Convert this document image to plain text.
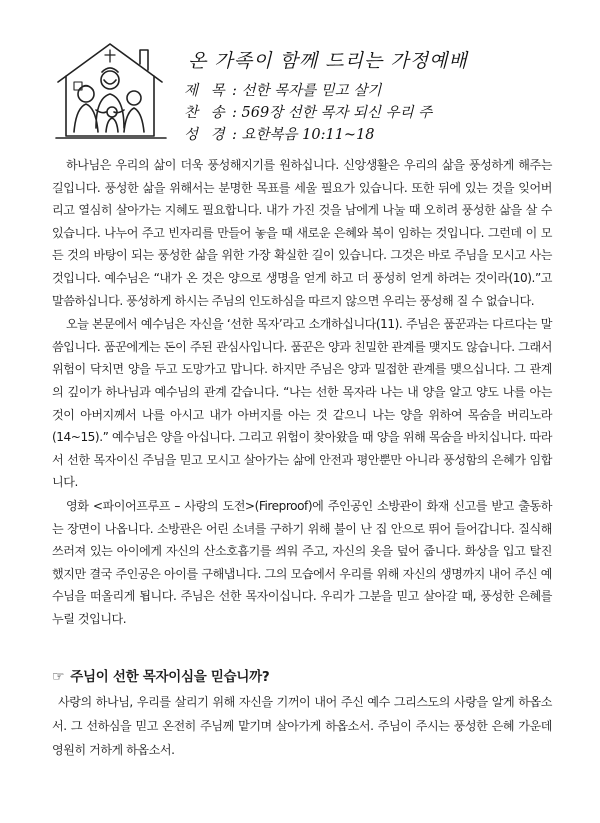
온 가족이 함께 드리는 가정예배
제 목 : 선한 목자를 믿고 살기
찬 송 : 569장 선한 목자 되신 우리 주
성 경 : 요한복음 10:11~18

하나님은 우리의 삶이 더욱 풍성해지기를 원하십니다. 신앙생활은 우리의 삶을 풍성하게 해주는 길입니다. 풍성한 삶을 위해서는 분명한 목표를 세울 필요가 있습니다. 또한 뒤에 있는 것을 잊어버리고 열심히 살아가는 지혜도 필요합니다. 내가 가진 것을 남에게 나눌 때 오히려 풍성한 삶을 살 수 있습니다. 나누어 주고 빈자리를 만들어 놓을 때 새로운 은혜와 복이 임하는 것입니다. 그런데 이 모든 것의 바탕이 되는 풍성한 삶을 위한 가장 확실한 길이 있습니다. 그것은 바로 주님을 모시고 사는 것입니다. 예수님은 “내가 온 것은 양으로 생명을 얻게 하고 더 풍성히 얻게 하려는 것이라(10).”고 말씀하십니다. 풍성하게 하시는 주님의 인도하심을 따르지 않으면 우리는 풍성해 질 수 없습니다.

오늘 본문에서 예수님은 자신을 ‘선한 목자’라고 소개하십니다(11). 주님은 품꾼과는 다르다는 말씀입니다. 품꾼에게는 돈이 주된 관심사입니다. 품꾼은 양과 친밀한 관계를 맺지도 않습니다. 그래서 위험이 닥치면 양을 두고 도망가고 맙니다. 하지만 주님은 양과 밀접한 관계를 맺으십니다. 그 관계의 깊이가 하나님과 예수님의 관계 같습니다. “나는 선한 목자라 나는 내 양을 알고 양도 나를 아는 것이 아버지께서 나를 아시고 내가 아버지를 아는 것 같으니 나는 양을 위하여 목숨을 버리노라(14~15).” 예수님은 양을 아십니다. 그리고 위험이 찾아왔을 때 양을 위해 목숨을 바치십니다. 따라서 선한 목자이신 주님을 믿고 모시고 살아가는 삶에 안전과 평안뿐만 아니라 풍성함의 은혜가 임합니다.

영화 <파이어프루프 – 사랑의 도전>(Fireproof)에 주인공인 소방관이 화재 신고를 받고 출동하는 장면이 나옵니다. 소방관은 어린 소녀를 구하기 위해 불이 난 집 안으로 뛰어 들어갑니다. 질식해 쓰러져 있는 아이에게 자신의 산소호흡기를 씌워 주고, 자신의 옷을 덮어 줍니다. 화상을 입고 탈진했지만 결국 주인공은 아이를 구해냅니다. 그의 모습에서 우리를 위해 자신의 생명까지 내어 주신 예수님을 떠올리게 됩니다. 주님은 선한 목자이십니다. 우리가 그분을 믿고 살아갈 때, 풍성한 은혜를 누릴 것입니다.

☞ 주님이 선한 목자이심을 믿습니까?
사랑의 하나님, 우리를 살리기 위해 자신을 기꺼이 내어 주신 예수 그리스도의 사랑을 알게 하옵소서. 그 선하심을 믿고 온전히 주님께 맡기며 살아가게 하옵소서. 주님이 주시는 풍성한 은혜 가운데 영원히 거하게 하옵소서.
